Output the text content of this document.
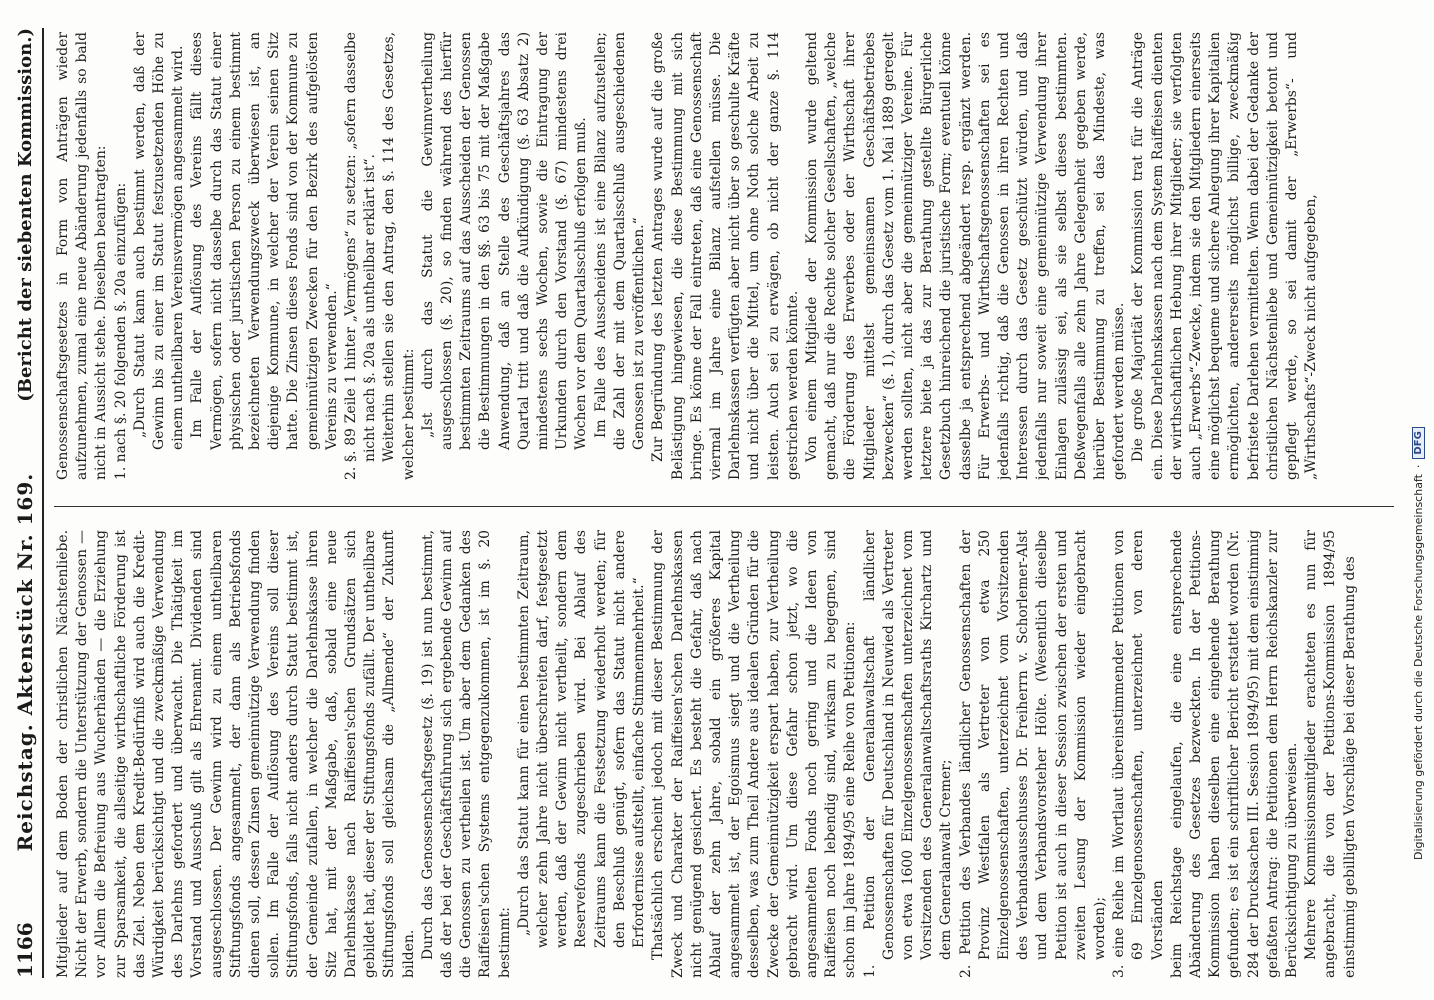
1166
Reichstag. Aktenstück Nr. 169.
(Bericht der siebenten Kommission.)

Mitglieder auf dem Boden der christlichen Nächstenliebe. Nicht der Erwerb, sondern die Unterstützung der Genossen — vor Allem die Befreiung aus Wucherhänden — die Erziehung zur Sparsamkeit, die allseitige wirthschaftliche Förderung ist das Ziel. Neben dem Kredit-Bedürfniß wird auch die Kredit-Würdigkeit berücksichtigt und die zweckmäßige Verwendung des Darlehns gefordert und überwacht. Die Thätigkeit im Vorstand und Ausschuß gilt als Ehrenamt. Dividenden sind ausgeschlossen. Der Gewinn wird zu einem untheilbaren Stiftungsfonds angesammelt, der dann als Betriebsfonds dienen soll, dessen Zinsen gemeinnützige Verwendung finden sollen. Im Falle der Auflösung des Vereins soll dieser Stiftungsfonds, falls nicht anders durch Statut bestimmt ist, der Gemeinde zufallen, in welcher die Darlehnskasse ihren Sitz hat, mit der Maßgabe, daß, sobald eine neue Darlehnskasse nach Raiffeisen'schen Grundsätzen sich gebildet hat, dieser der Stiftungsfonds zufällt. Der untheilbare Stiftungsfonds soll gleichsam die „Allmende“ der Zukunft bilden. Durch das Genossenschaftsgesetz (§. 19) ist nun bestimmt, daß der bei der Geschäftsführung sich ergebende Gewinn auf die Genossen zu vertheilen ist. Um aber dem Gedanken des Raiffeisen'schen Systems entgegenzukommen, ist im §. 20 bestimmt:

„Durch das Statut kann für einen bestimmten Zeitraum, welcher zehn Jahre nicht überschreiten darf, festgesetzt werden, daß der Gewinn nicht vertheilt, sondern dem Reservefonds zugeschrieben wird. Bei Ablauf des Zeitraums kann die Festsetzung wiederholt werden; für den Beschluß genügt, sofern das Statut nicht andere Erfordernisse aufstellt, einfache Stimmenmehrheit.“ Thatsächlich erscheint jedoch mit dieser Bestimmung der Zweck und Charakter der Raiffeisen'schen Darlehnskassen nicht genügend gesichert. Es besteht die Gefahr, daß nach Ablauf der zehn Jahre, sobald ein größeres Kapital angesammelt ist, der Egoismus siegt und die Vertheilung desselben, was zum Theil Andere aus idealen Gründen für die Zwecke der Gemeinnützigkeit erspart haben, zur Vertheilung gebracht wird. Um diese Gefahr schon jetzt, wo die angesammelten Fonds noch gering und die Ideen von Raiffeisen noch lebendig sind, wirksam zu begegnen, sind schon im Jahre 1894/95 eine Reihe von Petitionen: 1. Petition der Generalanwaltschaft ländlicher Genossenschaften für Deutschland in Neuwied als Vertreter von etwa 1600 Einzelgenossenschaften unterzeichnet vom Vorsitzenden des Generalanwaltschaftsraths Kirchartz und dem Generalanwalt Cremer; 2. Petition des Verbandes ländlicher Genossenschaften der Provinz Westfalen als Vertreter von etwa 250 Einzelgenossenschaften, unterzeichnet vom Vorsitzenden des Verbandsausschusses Dr. Freiherrn v. Schorlemer-Alst und dem Verbandsvorsteher Hölte. (Wesentlich dieselbe Petition ist auch in dieser Session zwischen der ersten und zweiten Lesung der Kommission wieder eingebracht worden); 3. eine Reihe im Wortlaut übereinstimmender Petitionen von 69 Einzelgenossenschaften, unterzeichnet von deren Vorständen beim Reichstage eingelaufen, die eine entsprechende Abänderung des Gesetzes bezweckten. In der Petitions-Kommission haben dieselben eine eingehende Berathung gefunden; es ist ein schriftlicher Bericht erstattet worden (Nr. 284 der Drucksachen III. Session 1894/95) mit dem einstimmig gefaßten Antrag: die Petitionen dem Herrn Reichskanzler zur Berücksichtigung zu überweisen. Mehrere Kommissionsmitglieder erachteten es nun für angebracht, die von der Petitions-Kommission 1894/95 einstimmig gebilligten Vorschläge bei dieser Berathung des

Genossenschaftsgesetzes in Form von Anträgen wieder aufzunehmen, zumal eine neue Abänderung jedenfalls so bald nicht in Aussicht stehe. Dieselben beantragten: 1. nach §. 20 folgenden §. 20a einzufügen: „Durch Statut kann auch bestimmt werden, daß der Gewinn bis zu einer im Statut festzusetzenden Höhe zu einem untheilbaren Vereinsvermögen angesammelt wird. Im Falle der Auflösung des Vereins fällt dieses Vermögen, sofern nicht dasselbe durch das Statut einer physischen oder juristischen Person zu einem bestimmt bezeichneten Verwendungszweck überwiesen ist, an diejenige Kommune, in welcher der Verein seinen Sitz hatte. Die Zinsen dieses Fonds sind von der Kommune zu gemeinnützigen Zwecken für den Bezirk des aufgelösten Vereins zu verwenden.“ 2. §. 89 Zeile 1 hinter „Vermögens“ zu setzen: „sofern dasselbe nicht nach §. 20a als untheilbar erklärt ist“. Weiterhin stellen sie den Antrag, den §. 114 des Gesetzes, welcher bestimmt: „Ist durch das Statut die Gewinnvertheilung ausgeschlossen (§. 20), so finden während des hierfür bestimmten Zeitraums auf das Ausscheiden der Genossen die Bestimmungen in den §§. 63 bis 75 mit der Maßgabe Anwendung, daß an Stelle des Geschäftsjahres das Quartal tritt und daß die Aufkündigung (§. 63 Absatz 2) mindestens sechs Wochen, sowie die Eintragung der Urkunden durch den Vorstand (§. 67) mindestens drei Wochen vor dem Quartalsschluß erfolgen muß. Im Falle des Ausscheidens ist eine Bilanz aufzustellen; die Zahl der mit dem Quartalsschluß ausgeschiedenen Genossen ist zu veröffentlichen.“ Zur Begründung des letzten Antrages wurde auf die große Belästigung hingewiesen, die diese Bestimmung mit sich bringe. Es könne der Fall eintreten, daß eine Genossenschaft viermal im Jahre eine Bilanz aufstellen müsse. Die Darlehnskassen verfügten aber nicht über so geschulte Kräfte und nicht über die Mittel, um ohne Noth solche Arbeit zu leisten. Auch sei zu erwägen, ob nicht der ganze §. 114 gestrichen werden könnte. Von einem Mitgliede der Kommission wurde geltend gemacht, daß nur die Rechte solcher Gesellschaften, „welche die Förderung des Erwerbes oder der Wirthschaft ihrer Mitglieder mittelst gemeinsamen Geschäftsbetriebes bezwecken“ (§. 1), durch das Gesetz vom 1. Mai 1889 geregelt werden sollten, nicht aber die gemeinnütziger Vereine. Für letztere biete ja das zur Berathung gestellte Bürgerliche Gesetzbuch hinreichend die juristische Form; eventuell könne dasselbe ja entsprechend abgeändert resp. ergänzt werden. Für Erwerbs- und Wirthschaftsgenossenschaften sei es jedenfalls richtig, daß die Genossen in ihren Rechten und Interessen durch das Gesetz geschützt würden, und daß jedenfalls nur soweit eine gemeinnützige Verwendung ihrer Einlagen zulässig sei, als sie selbst dieses bestimmten. Deßwegenfalls alle zehn Jahre Gelegenheit gegeben werde, hierüber Bestimmung zu treffen, sei das Mindeste, was gefordert werden müsse. Die große Majorität der Kommission trat für die Anträge ein. Diese Darlehnskassen nach dem System Raiffeisen dienten der wirthschaftlichen Hebung ihrer Mitglieder; sie verfolgten auch „Erwerbs“-Zwecke, indem sie den Mitgliedern einerseits eine möglichst bequeme und sichere Anlegung ihrer Kapitalien ermöglichten, andererseits möglichst billige, zweckmäßig befristete Darlehen vermittelten. Wenn dabei der Gedanke der christlichen Nächstenliebe und Gemeinnützigkeit betont und gepflegt werde, so sei damit der „Erwerbs“- und „Wirthschafts“-Zweck nicht aufgegeben,

Digitalisierung gefördert durch die Deutsche Forschungsgemeinschaft
·
DFG
